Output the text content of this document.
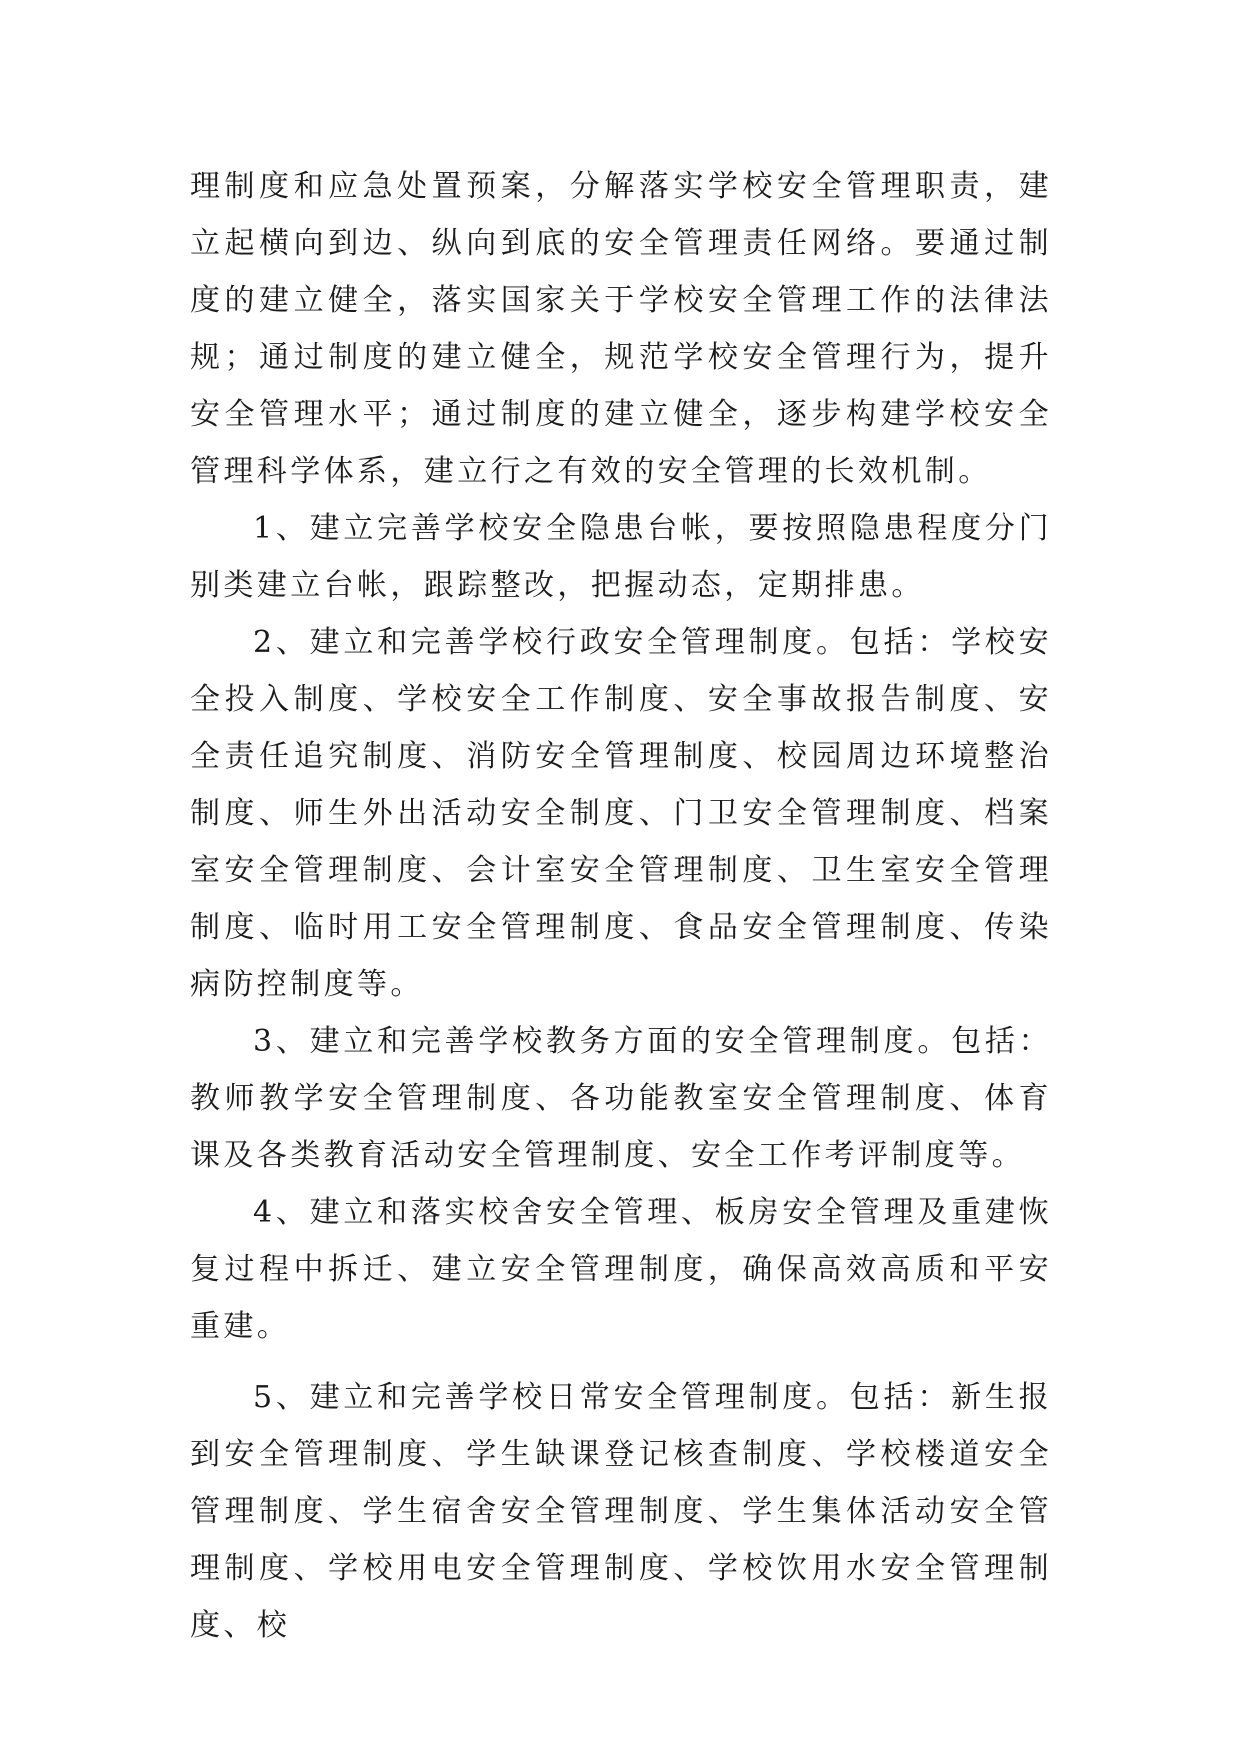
理制度和应急处置预案，分解落实学校安全管理职责，建立起横向到边、纵向到底的安全管理责任网络。要通过制度的建立健全，落实国家关于学校安全管理工作的法律法规；通过制度的建立健全，规范学校安全管理行为，提升安全管理水平；通过制度的建立健全，逐步构建学校安全管理科学体系，建立行之有效的安全管理的长效机制。

1、建立完善学校安全隐患台帐，要按照隐患程度分门别类建立台帐，跟踪整改，把握动态，定期排患。

2、建立和完善学校行政安全管理制度。包括：学校安全投入制度、学校安全工作制度、安全事故报告制度、安全责任追究制度、消防安全管理制度、校园周边环境整治制度、师生外出活动安全制度、门卫安全管理制度、档案室安全管理制度、会计室安全管理制度、卫生室安全管理制度、临时用工安全管理制度、食品安全管理制度、传染病防控制度等。

3、建立和完善学校教务方面的安全管理制度。包括：教师教学安全管理制度、各功能教室安全管理制度、体育课及各类教育活动安全管理制度、安全工作考评制度等。

4、建立和落实校舍安全管理、板房安全管理及重建恢复过程中拆迁、建立安全管理制度，确保高效高质和平安重建。

5、建立和完善学校日常安全管理制度。包括：新生报到安全管理制度、学生缺课登记核查制度、学校楼道安全管理制度、学生宿舍安全管理制度、学生集体活动安全管理制度、学校用电安全管理制度、学校饮用水安全管理制度、校
